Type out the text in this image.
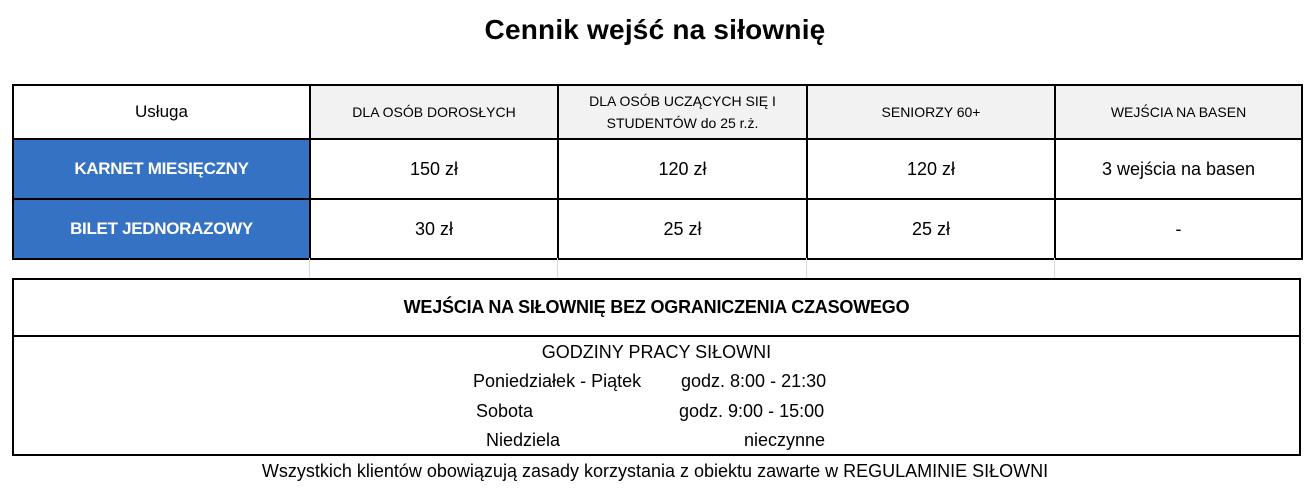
Cennik wejść na siłownię
Usługa	DLA OSÓB DOROSŁYCH	DLA OSÓB UCZĄCYCH SIĘ I STUDENTÓW do 25 r.ż.	SENIORZY 60+	WEJŚCIA NA BASEN
KARNET MIESIĘCZNY	150 zł	120 zł	120 zł	3 wejścia na basen
BILET JEDNORAZOWY	30 zł	25 zł	25 zł	-
WEJŚCIA NA SIŁOWNIĘ BEZ OGRANICZENIA CZASOWEGO
GODZINY PRACY SIŁOWNI
Poniedziałek - Piątek godz. 8:00 - 21:30
Sobota	godz. 9:00 - 15:00
Niedziela	nieczynne
Wszystkich klientów obowiązują zasady korzystania z obiektu zawarte w REGULAMINIE SIŁOWNI
